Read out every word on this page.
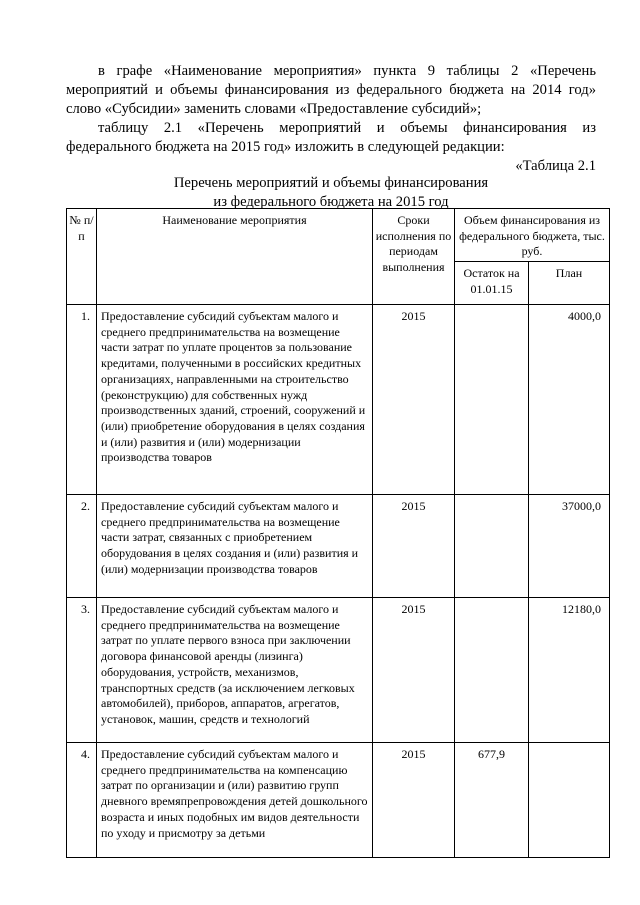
в графе «Наименование мероприятия» пункта 9 таблицы 2 «Перечень мероприятий и объемы финансирования из федерального бюджета на 2014 год» слово «Субсидии» заменить словами «Предоставление субсидий»;

таблицу 2.1 «Перечень мероприятий и объемы финансирования из федерального бюджета на 2015 год» изложить в следующей редакции:

«Таблица 2.1

Перечень мероприятий и объемы финансирования
из федерального бюджета на 2015 год
№ п/п	Наименование мероприятия	Сроки исполнения по периодам выполнения	Объем финансирования из федерального бюджета, тыс. руб.	
			Остаток на 01.01.15	План
1.	Предоставление субсидий субъектам малого и среднего предпринимательства на возмещение части затрат по уплате процентов за пользование кредитами, полученными в российских кредитных организациях, направленными на строительство (реконструкцию) для собственных нужд производственных зданий, строений, сооружений и (или) приобретение оборудования в целях создания и (или) развития и (или) модернизации производства товаров	2015		4000,0
2.	Предоставление субсидий субъектам малого и среднего предпринимательства на возмещение части затрат, связанных с приобретением оборудования в целях создания и (или) развития и (или) модернизации производства товаров	2015		37000,0
3.	Предоставление субсидий субъектам малого и среднего предпринимательства на возмещение затрат по уплате первого взноса при заключении договора финансовой аренды (лизинга) оборудования, устройств, механизмов, транспортных средств (за исключением легковых автомобилей), приборов, аппаратов, агрегатов, установок, машин, средств и технологий	2015		12180,0
4.	Предоставление субсидий субъектам малого и среднего предпринимательства на компенсацию затрат по организации и (или) развитию групп дневного времяпрепровождения детей дошкольного возраста и иных подобных им видов деятельности по уходу и присмотру за детьми	2015	677,9	
